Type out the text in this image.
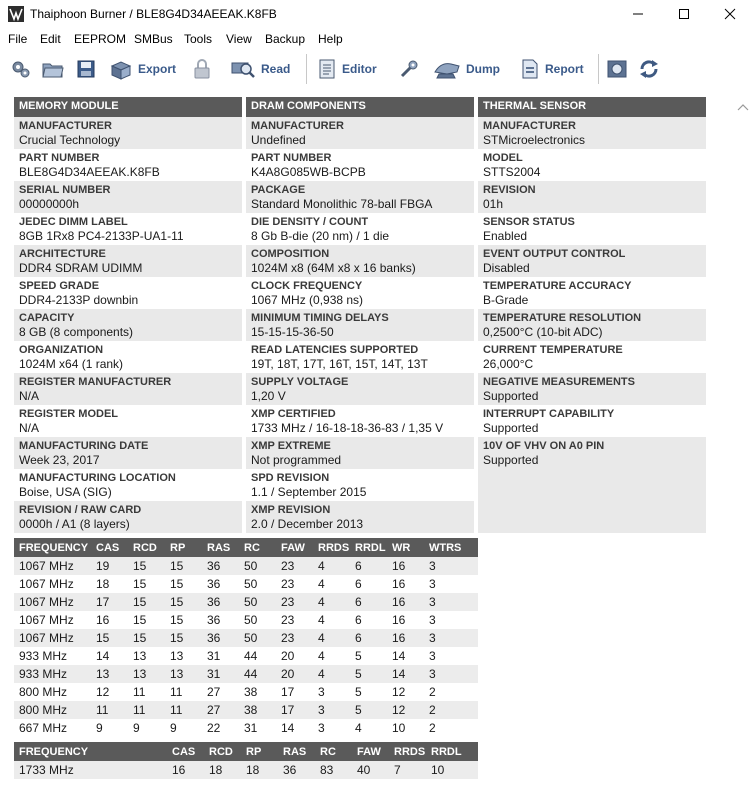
Thaiphoon Burner / BLE8G4D34AEEAK.K8FB
File Edit EEPROM SMBus Tools View Backup Help
Export	Read	Editor	Dump	Report
MEMORY MODULE
MANUFACTURER
Crucial Technology
PART NUMBER
BLE8G4D34AEEAK.K8FB
SERIAL NUMBER
00000000h
JEDEC DIMM LABEL
8GB 1Rx8 PC4-2133P-UA1-11
ARCHITECTURE
DDR4 SDRAM UDIMM
SPEED GRADE
DDR4-2133P downbin
CAPACITY
8 GB (8 components)
ORGANIZATION
1024M x64 (1 rank)
REGISTER MANUFACTURER
N/A
REGISTER MODEL
N/A
MANUFACTURING DATE
Week 23, 2017
MANUFACTURING LOCATION
Boise, USA (SIG)
REVISION / RAW CARD
0000h / A1 (8 layers)
DRAM COMPONENTS
MANUFACTURER
Undefined
PART NUMBER
K4A8G085WB-BCPB
PACKAGE
Standard Monolithic 78-ball FBGA
DIE DENSITY / COUNT
8 Gb B-die (20 nm) / 1 die
COMPOSITION
1024M x8 (64M x8 x 16 banks)
CLOCK FREQUENCY
1067 MHz (0,938 ns)
MINIMUM TIMING DELAYS
15-15-15-36-50
READ LATENCIES SUPPORTED
19T, 18T, 17T, 16T, 15T, 14T, 13T
SUPPLY VOLTAGE
1,20 V
XMP CERTIFIED
1733 MHz / 16-18-18-36-83 / 1,35 V
XMP EXTREME
Not programmed
SPD REVISION
1.1 / September 2015
XMP REVISION
2.0 / December 2013
THERMAL SENSOR
MANUFACTURER
STMicroelectronics
MODEL
STTS2004
REVISION
01h
SENSOR STATUS
Enabled
EVENT OUTPUT CONTROL
Disabled
TEMPERATURE ACCURACY
B-Grade
TEMPERATURE RESOLUTION
0,2500°C (10-bit ADC)
CURRENT TEMPERATURE
26,000°C
NEGATIVE MEASUREMENTS
Supported
INTERRUPT CAPABILITY
Supported
10V OF VHV ON A0 PIN
Supported
FREQUENCY	CAS	RCD	RP	RAS	RC	FAW	RRDS	RRDL	WR	WTRS
1067 MHz	19	15	15	36	50	23	4	6	16	3
1067 MHz	18	15	15	36	50	23	4	6	16	3
1067 MHz	17	15	15	36	50	23	4	6	16	3
1067 MHz	16	15	15	36	50	23	4	6	16	3
1067 MHz	15	15	15	36	50	23	4	6	16	3
933 MHz	14	13	13	31	44	20	4	5	14	3
933 MHz	13	13	13	31	44	20	4	5	14	3
800 MHz	12	11	11	27	38	17	3	5	12	2
800 MHz	11	11	11	27	38	17	3	5	12	2
667 MHz	9	9	9	22	31	14	3	4	10	2
FREQUENCY	CAS	RCD	RP	RAS	RC	FAW	RRDS	RRDL
1733 MHz	16	18	18	36	83	40	7	10
